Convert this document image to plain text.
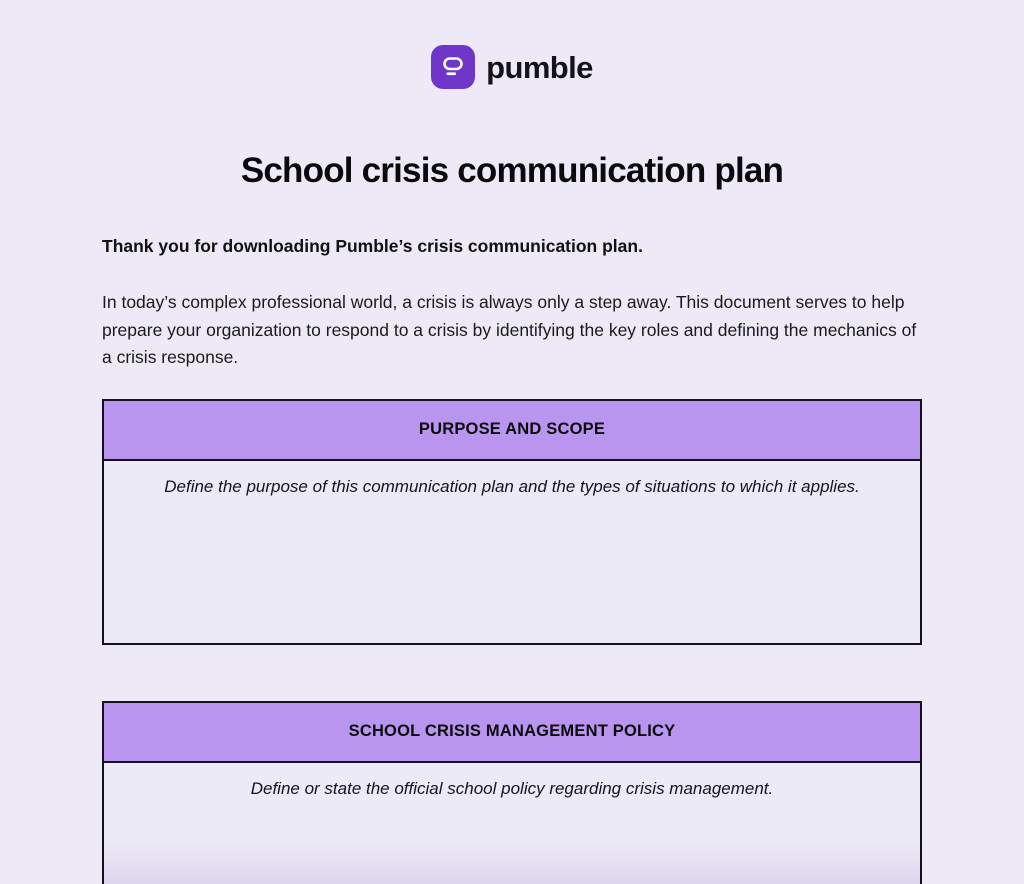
pumble
School crisis communication plan

Thank you for downloading Pumble’s crisis communication plan.

In today’s complex professional world, a crisis is always only a step away. This document serves to help prepare your organization to respond to a crisis by identifying the key roles and defining the mechanics of a crisis response.

PURPOSE AND SCOPE
Define the purpose of this communication plan and the types of situations to which it applies.
SCHOOL CRISIS MANAGEMENT POLICY
Define or state the official school policy regarding crisis management.
